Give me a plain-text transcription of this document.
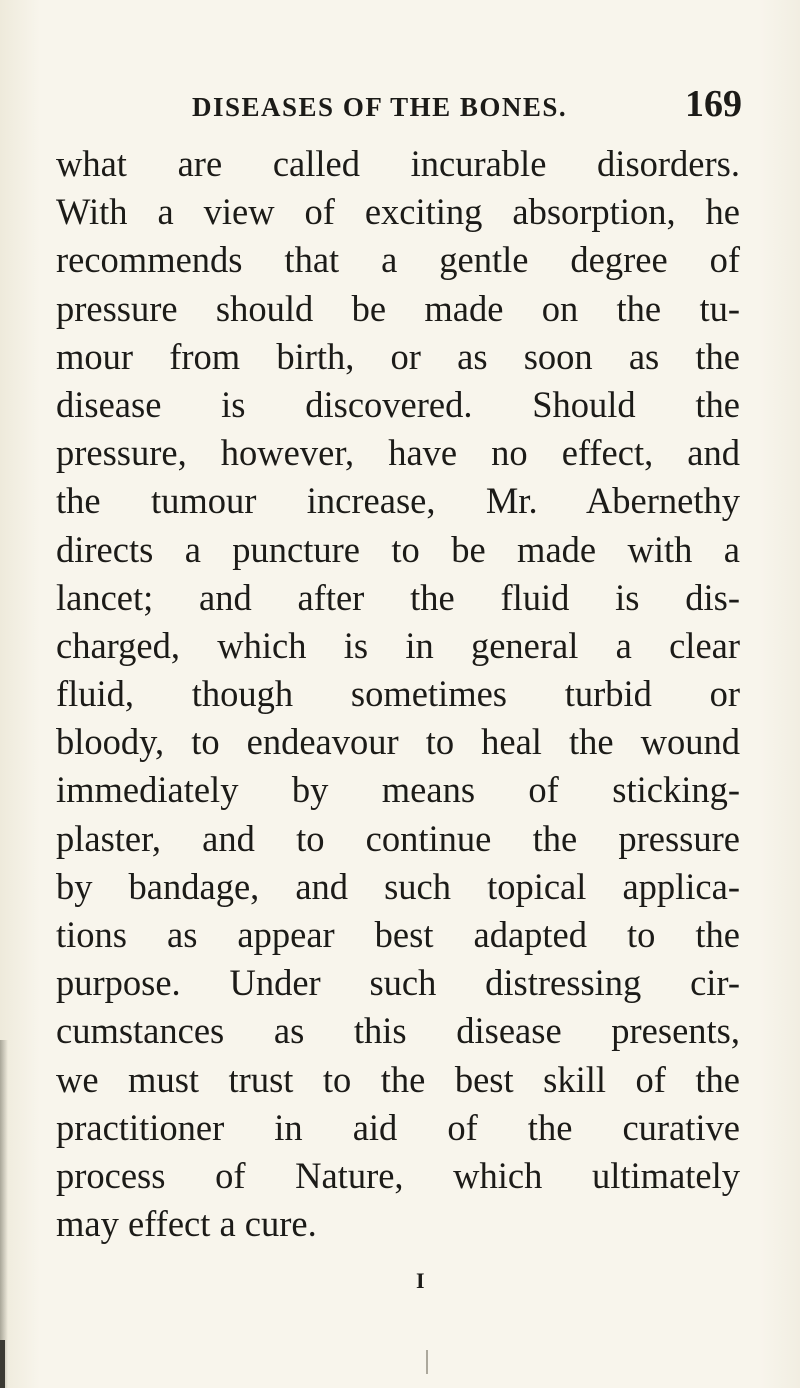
DISEASES OF THE BONES.	169
what are called incurable disorders.
With a view of exciting absorption, he
recommends that a gentle degree of
pressure should be made on the tu-
mour from birth, or as soon as the
disease is discovered. Should the
pressure, however, have no effect, and
the tumour increase, Mr. Abernethy
directs a puncture to be made with a
lancet; and after the fluid is dis-
charged, which is in general a clear
fluid, though sometimes turbid or
bloody, to endeavour to heal the wound
immediately by means of sticking-
plaster, and to continue the pressure
by bandage, and such topical applica-
tions as appear best adapted to the
purpose. Under such distressing cir-
cumstances as this disease presents,
we must trust to the best skill of the
practitioner in aid of the curative
process of Nature, which ultimately
may effect a cure.
I
